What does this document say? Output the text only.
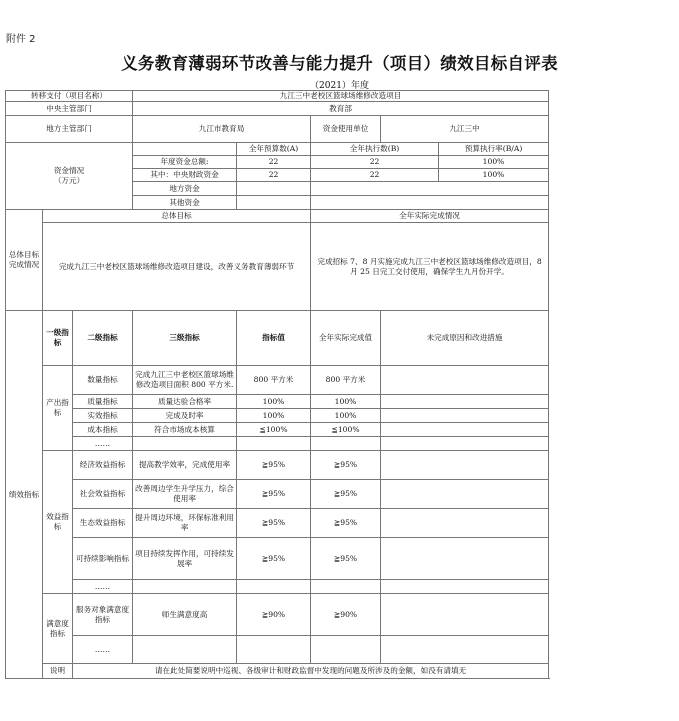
附件 2
义务教育薄弱环节改善与能力提升（项目）绩效目标自评表
（2021）年度
转移支付（项目名称）			九江三中老校区篮球场维修改造项目				
中央主管部门			教育部				
地方主管部门			九江市教育局		资金使用单位	九江三中	

资金情况
（万元）				全年预算数(A)	全年执行数(B)		预算执行率(B/A)
			年度资金总额:	22	22		100%
			其中：中央财政资金	22	22		100%
			地方资金				
			其他资金				
总体目标完成情况	总体目标				全年实际完成情况		
	完成九江三中老校区篮球场维修改造项目建设，改善义务教育薄弱环节				完成招标 7、8 月实施完成九江三中老校区篮球场维修改造项目，8 月 25 日完工交付使用，确保学生九月份开学。		
绩效指标	一级指标	二级指标	三级指标	指标值	全年实际完成值	未完成原因和改进措施	
	产出指标	数量指标	完成九江三中老校区篮球场维修改造项目面积 800 平方米.	800 平方米	800 平方米		
		质量指标	质量达验合格率	100%	100%		
		实效指标	完成及时率	100%	100%		
		成本指标	符合市场成本核算	≦100%	≦100%		
		……					
	效益指标	经济效益指标	提高教学效率，完成使用率	≧95%	≧95%		
		社会效益指标	改善周边学生升学压力，综合使用率	≧95%	≧95%		
		生态效益指标	提升周边环境，环保标准利用率	≧95%	≧95%		
		可持续影响指标	项目持续发挥作用，可持续发展率	≧95%	≧95%		
		……					
	满意度指标	服务对象满意度指标	师生满意度高	≧90%	≧90%		
		……					
	说明	请在此处简要说明中巡视、各级审计和财政监督中发现的问题及所涉及的金额，如没有请填无					
